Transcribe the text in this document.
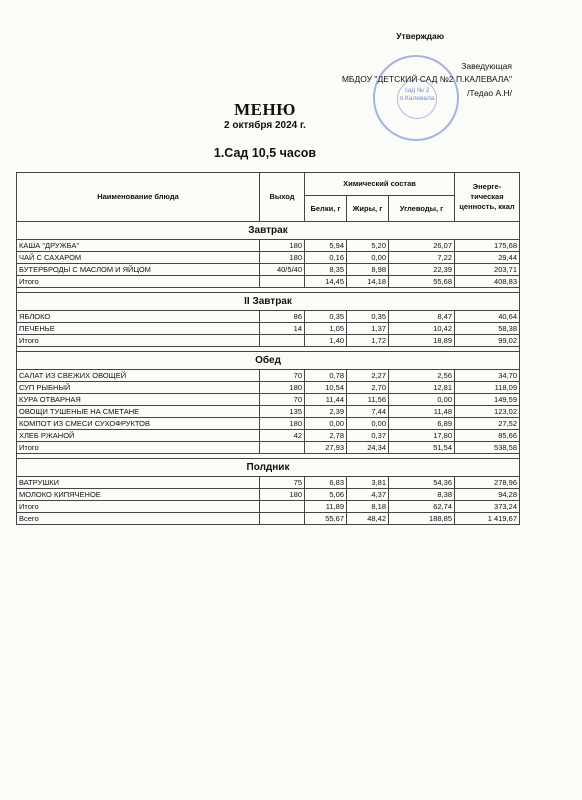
Утверждаю
Заведующая
МБДОУ "ДЕТСКИЙ САД №2 П.КАЛЕВАЛА"
/Тедао А.Н/
сад № 2 п.Калевала
МЕНЮ
2 октября 2024 г.
1.Сад 10,5 часов
Наименование блюда	Выход	Химический состав			Энерге- тическая ценность, ккал
		Белки, г	Жиры, г	Углеводы, г	
Завтрак					
КАША "ДРУЖБА"	180	5,94	5,20	26,07	175,68
ЧАЙ С САХАРОМ	180	0,16	0,00	7,22	29,44
БУТЕРБРОДЫ С МАСЛОМ И ЯЙЦОМ	40/5/40	8,35	8,98	22,39	203,71
Итого		14,45	14,18	55,68	408,83

II Завтрак					
ЯБЛОКО	86	0,35	0,35	8,47	40,64
ПЕЧЕНЬЕ	14	1,05	1,37	10,42	58,38
Итого		1,40	1,72	18,89	99,02

Обед					
САЛАТ ИЗ СВЕЖИХ ОВОЩЕЙ	70	0,78	2,27	2,56	34,70
СУП РЫБНЫЙ	180	10,54	2,70	12,81	118,09
КУРА ОТВАРНАЯ	70	11,44	11,56	0,00	149,59
ОВОЩИ ТУШЕНЫЕ НА СМЕТАНЕ	135	2,39	7,44	11,48	123,02
КОМПОТ ИЗ СМЕСИ СУХОФРУКТОВ	180	0,00	0,00	6,89	27,52
ХЛЕБ РЖАНОЙ	42	2,78	0,37	17,80	85,66
Итого		27,93	24,34	51,54	538,58

Полдник					
ВАТРУШКИ	75	6,83	3,81	54,36	278,96
МОЛОКО КИПЯЧЕНОЕ	180	5,06	4,37	8,38	94,28
Итого		11,89	8,18	62,74	373,24
Всего		55,67	48,42	188,85	1 419,67
